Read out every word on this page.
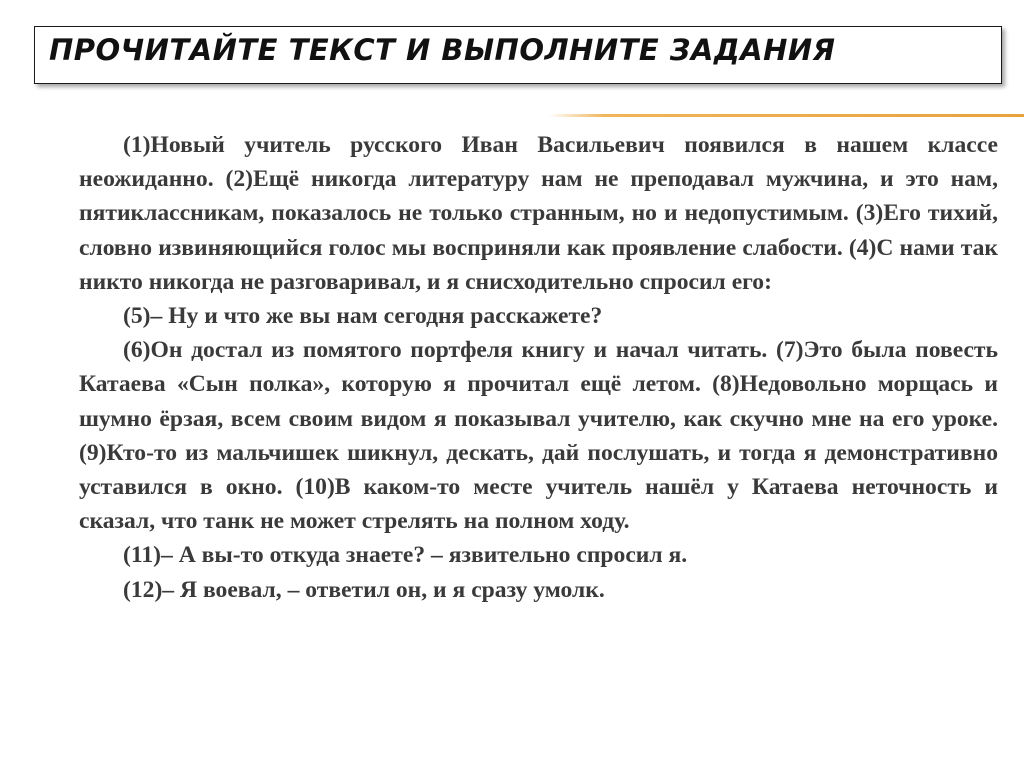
ПРОЧИТАЙТЕ ТЕКСТ И ВЫПОЛНИТЕ ЗАДАНИЯ

(1)Новый учитель русского Иван Васильевич появился в нашем классе неожиданно. (2)Ещё никогда литературу нам не преподавал мужчина, и это нам, пятиклассникам, показалось не только странным, но и недопустимым. (3)Его тихий, словно извиняющийся голос мы восприняли как проявление слабости. (4)С нами так никто никогда не разговаривал, и я снисходительно спросил его:

(5)– Ну и что же вы нам сегодня расскажете?

(6)Он достал из помятого портфеля книгу и начал читать. (7)Это была повесть Катаева «Сын полка», которую я прочитал ещё летом. (8)Недовольно морщась и шумно ёрзая, всем своим видом я показывал учителю, как скучно мне на его уроке. (9)Кто-то из мальчишек шикнул, дескать, дай послушать, и тогда я демонстративно уставился в окно. (10)В каком-то месте учитель нашёл у Катаева неточность и сказал, что танк не может стрелять на полном ходу.

(11)– А вы-то откуда знаете? – язвительно спросил я.

(12)– Я воевал, – ответил он, и я сразу умолк.
